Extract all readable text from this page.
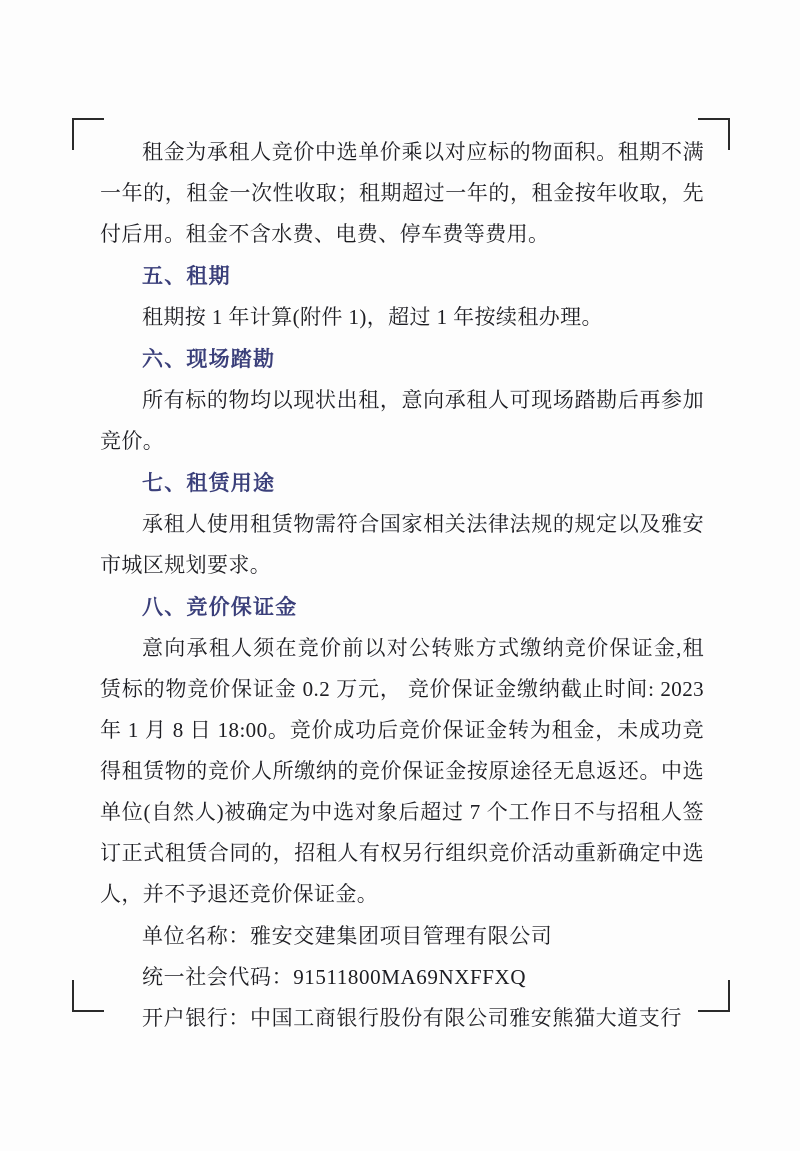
租金为承租人竞价中选单价乘以对应标的物面积。租期不满一年的，租金一次性收取；租期超过一年的，租金按年收取，先付后用。租金不含水费、电费、停车费等费用。

五、租期

租期按 1 年计算(附件 1)，超过 1 年按续租办理。

六、现场踏勘

所有标的物均以现状出租，意向承租人可现场踏勘后再参加竞价。

七、租赁用途

承租人使用租赁物需符合国家相关法律法规的规定以及雅安市城区规划要求。

八、竞价保证金

意向承租人须在竞价前以对公转账方式缴纳竞价保证金,租赁标的物竞价保证金 0.2 万元， 竞价保证金缴纳截止时间: 2023 年 1 月 8 日 18:00。竞价成功后竞价保证金转为租金，未成功竞得租赁物的竞价人所缴纳的竞价保证金按原途径无息返还。中选单位(自然人)被确定为中选对象后超过 7 个工作日不与招租人签订正式租赁合同的，招租人有权另行组织竞价活动重新确定中选人，并不予退还竞价保证金。

单位名称：雅安交建集团项目管理有限公司

统一社会代码：91511800MA69NXFFXQ

开户银行：中国工商银行股份有限公司雅安熊猫大道支行
